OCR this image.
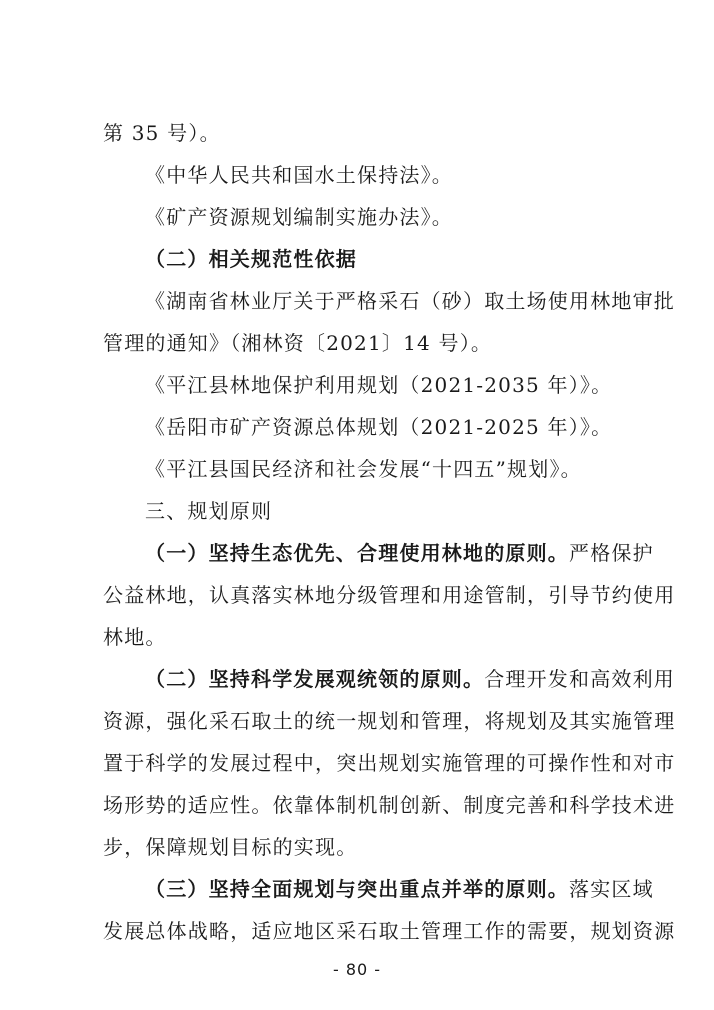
第 35 号）。
《中华人民共和国水土保持法》。
《矿产资源规划编制实施办法》。
（二）相关规范性依据
《湖南省林业厅关于严格采石（砂）取土场使用林地审批
管理的通知》（湘林资〔2021〕14 号）。
《平江县林地保护利用规划（2021-2035 年）》。
《岳阳市矿产资源总体规划（2021-2025 年）》。
《平江县国民经济和社会发展“十四五”规划》。
三、规划原则
（一）坚持生态优先、合理使用林地的原则。严格保护
公益林地，认真落实林地分级管理和用途管制，引导节约使用
林地。
（二）坚持科学发展观统领的原则。合理开发和高效利用
资源，强化采石取土的统一规划和管理，将规划及其实施管理
置于科学的发展过程中，突出规划实施管理的可操作性和对市
场形势的适应性。依靠体制机制创新、制度完善和科学技术进
步，保障规划目标的实现。
（三）坚持全面规划与突出重点并举的原则。落实区域
发展总体战略，适应地区采石取土管理工作的需要，规划资源
- 80 -
